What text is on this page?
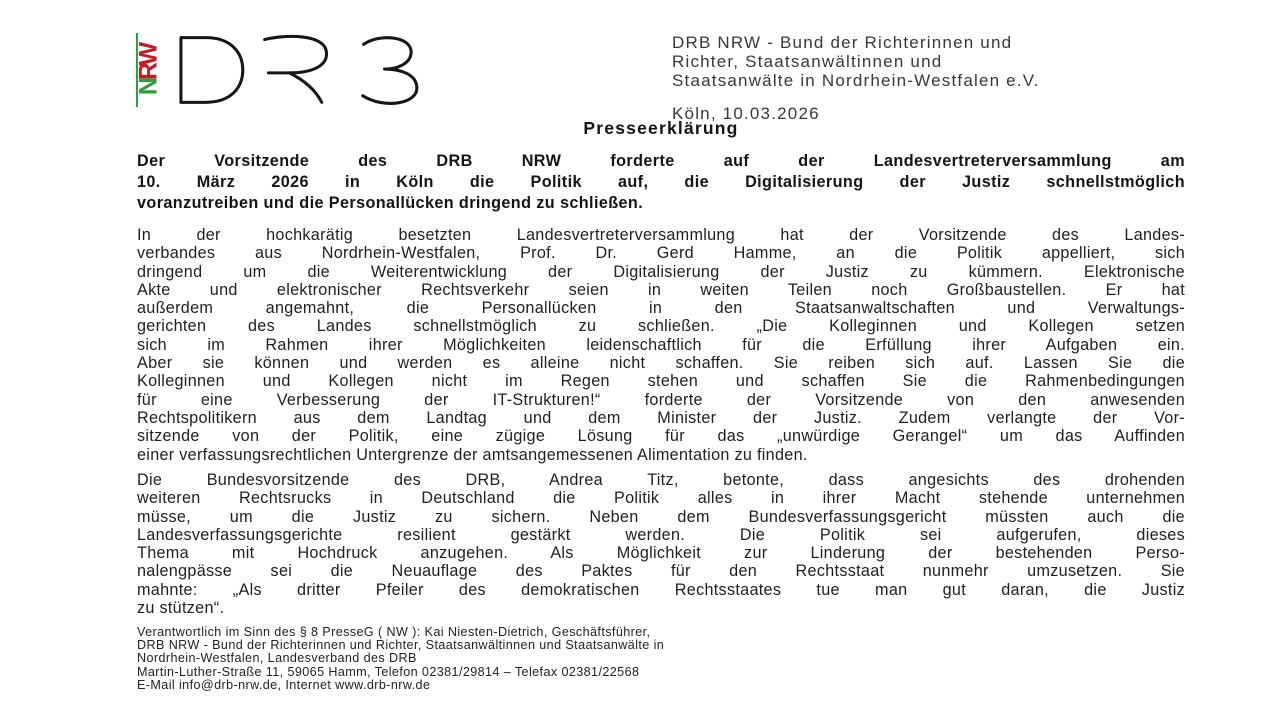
NRW
DRB NRW - Bund der Richterinnen und
Richter, Staatsanwältinnen und
Staatsanwälte in Nordrhein-Westfalen e.V.
Köln, 10.03.2026
Presseerklärung
Der Vorsitzende des DRB NRW forderte auf der Landesvertreterversammlung am
10. März 2026 in Köln die Politik auf, die Digitalisierung der Justiz schnellstmöglich
voranzutreiben und die Personallücken dringend zu schließen.
In der hochkarätig besetzten Landesvertreterversammlung hat der Vorsitzende des Landes-
verbandes aus Nordrhein-Westfalen, Prof. Dr. Gerd Hamme, an die Politik appelliert, sich
dringend um die Weiterentwicklung der Digitalisierung der Justiz zu kümmern. Elektronische
Akte und elektronischer Rechtsverkehr seien in weiten Teilen noch Großbaustellen. Er hat
außerdem angemahnt, die Personallücken in den Staatsanwaltschaften und Verwaltungs-
gerichten des Landes schnellstmöglich zu schließen. „Die Kolleginnen und Kollegen setzen
sich im Rahmen ihrer Möglichkeiten leidenschaftlich für die Erfüllung ihrer Aufgaben ein.
Aber sie können und werden es alleine nicht schaffen. Sie reiben sich auf. Lassen Sie die
Kolleginnen und Kollegen nicht im Regen stehen und schaffen Sie die Rahmenbedingungen
für eine Verbesserung der IT-Strukturen!“ forderte der Vorsitzende von den anwesenden
Rechtspolitikern aus dem Landtag und dem Minister der Justiz. Zudem verlangte der Vor-
sitzende von der Politik, eine zügige Lösung für das „unwürdige Gerangel“ um das Auffinden
einer verfassungsrechtlichen Untergrenze der amtsangemessenen Alimentation zu finden.
Die Bundesvorsitzende des DRB, Andrea Titz, betonte, dass angesichts des drohenden
weiteren Rechtsrucks in Deutschland die Politik alles in ihrer Macht stehende unternehmen
müsse, um die Justiz zu sichern. Neben dem Bundesverfassungsgericht müssten auch die
Landesverfassungsgerichte resilient gestärkt werden. Die Politik sei aufgerufen, dieses
Thema mit Hochdruck anzugehen. Als Möglichkeit zur Linderung der bestehenden Perso-
nalengpässe sei die Neuauflage des Paktes für den Rechtsstaat nunmehr umzusetzen. Sie
mahnte: „Als dritter Pfeiler des demokratischen Rechtsstaates tue man gut daran, die Justiz
zu stützen“.
Verantwortlich im Sinn des § 8 PresseG ( NW ): Kai Niesten-Dietrich, Geschäftsführer,
DRB NRW - Bund der Richterinnen und Richter, Staatsanwältinnen und Staatsanwälte in
Nordrhein-Westfalen, Landesverband des DRB
Martin-Luther-Straße 11, 59065 Hamm, Telefon 02381/29814 – Telefax 02381/22568
E-Mail info@drb-nrw.de, Internet www.drb-nrw.de
